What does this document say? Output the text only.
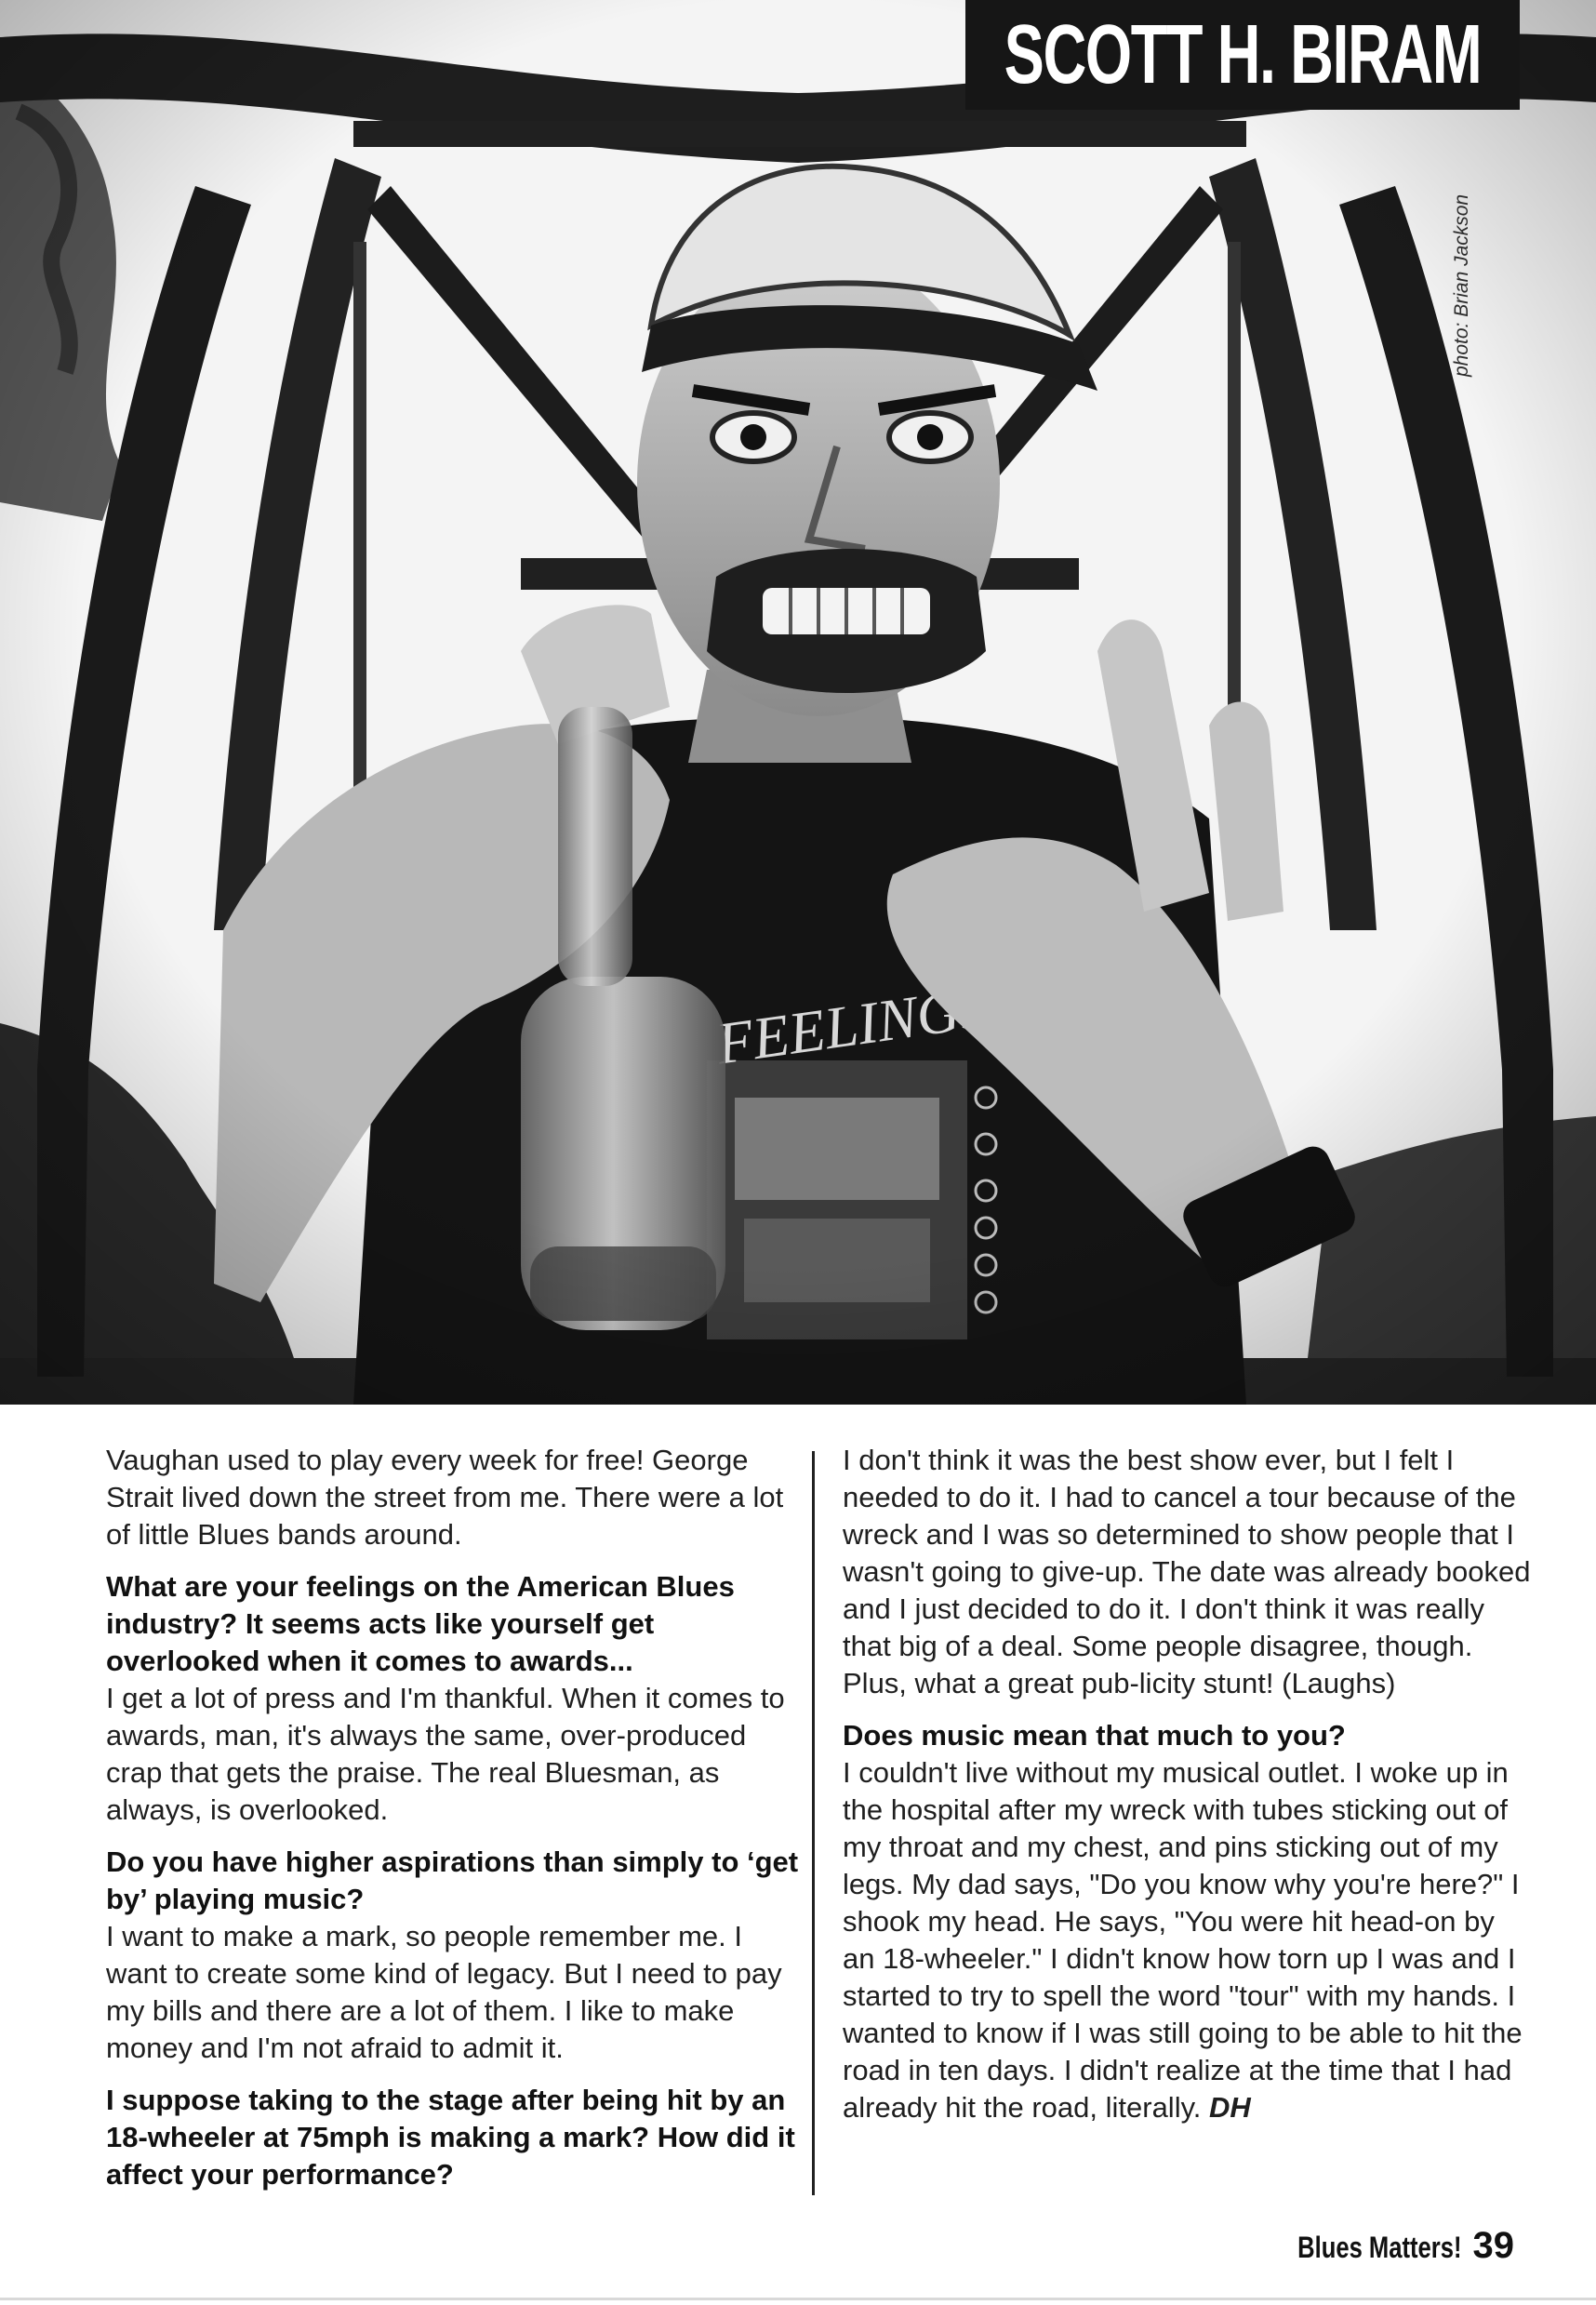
SCOTT H. BIRAM
photo: Brian Jackson

Vaughan used to play every week for free! George Strait lived down the street from me. There were a lot of little Blues bands around.

What are your feelings on the American Blues industry? It seems acts like yourself get overlooked when it comes to awards...
I get a lot of press and I'm thankful. When it comes to awards, man, it's always the same, over-produced crap that gets the praise. The real Bluesman, as always, is overlooked.

Do you have higher aspirations than simply to ‘get by’ playing music?
I want to make a mark, so people remember me. I want to create some kind of legacy. But I need to pay my bills and there are a lot of them. I like to make money and I'm not afraid to admit it.

I suppose taking to the stage after being hit by an 18-wheeler at 75mph is making a mark? How did it affect your performance?

I don't think it was the best show ever, but I felt I needed to do it. I had to cancel a tour because of the wreck and I was so determined to show people that I wasn't going to give-up. The date was already booked and I just decided to do it. I don't think it was really that big of a deal. Some people disagree, though. Plus, what a great pub-licity stunt! (Laughs)

Does music mean that much to you?
I couldn't live without my musical outlet. I woke up in the hospital after my wreck with tubes sticking out of my throat and my chest, and pins sticking out of my legs. My dad says, "Do you know why you're here?" I shook my head. He says, "You were hit head-on by an 18-wheeler." I didn't know how torn up I was and I started to try to spell the word "tour" with my hands. I wanted to know if I was still going to be able to hit the road in ten days. I didn't realize at the time that I had already hit the road, literally. DH

Blues Matters! 39
